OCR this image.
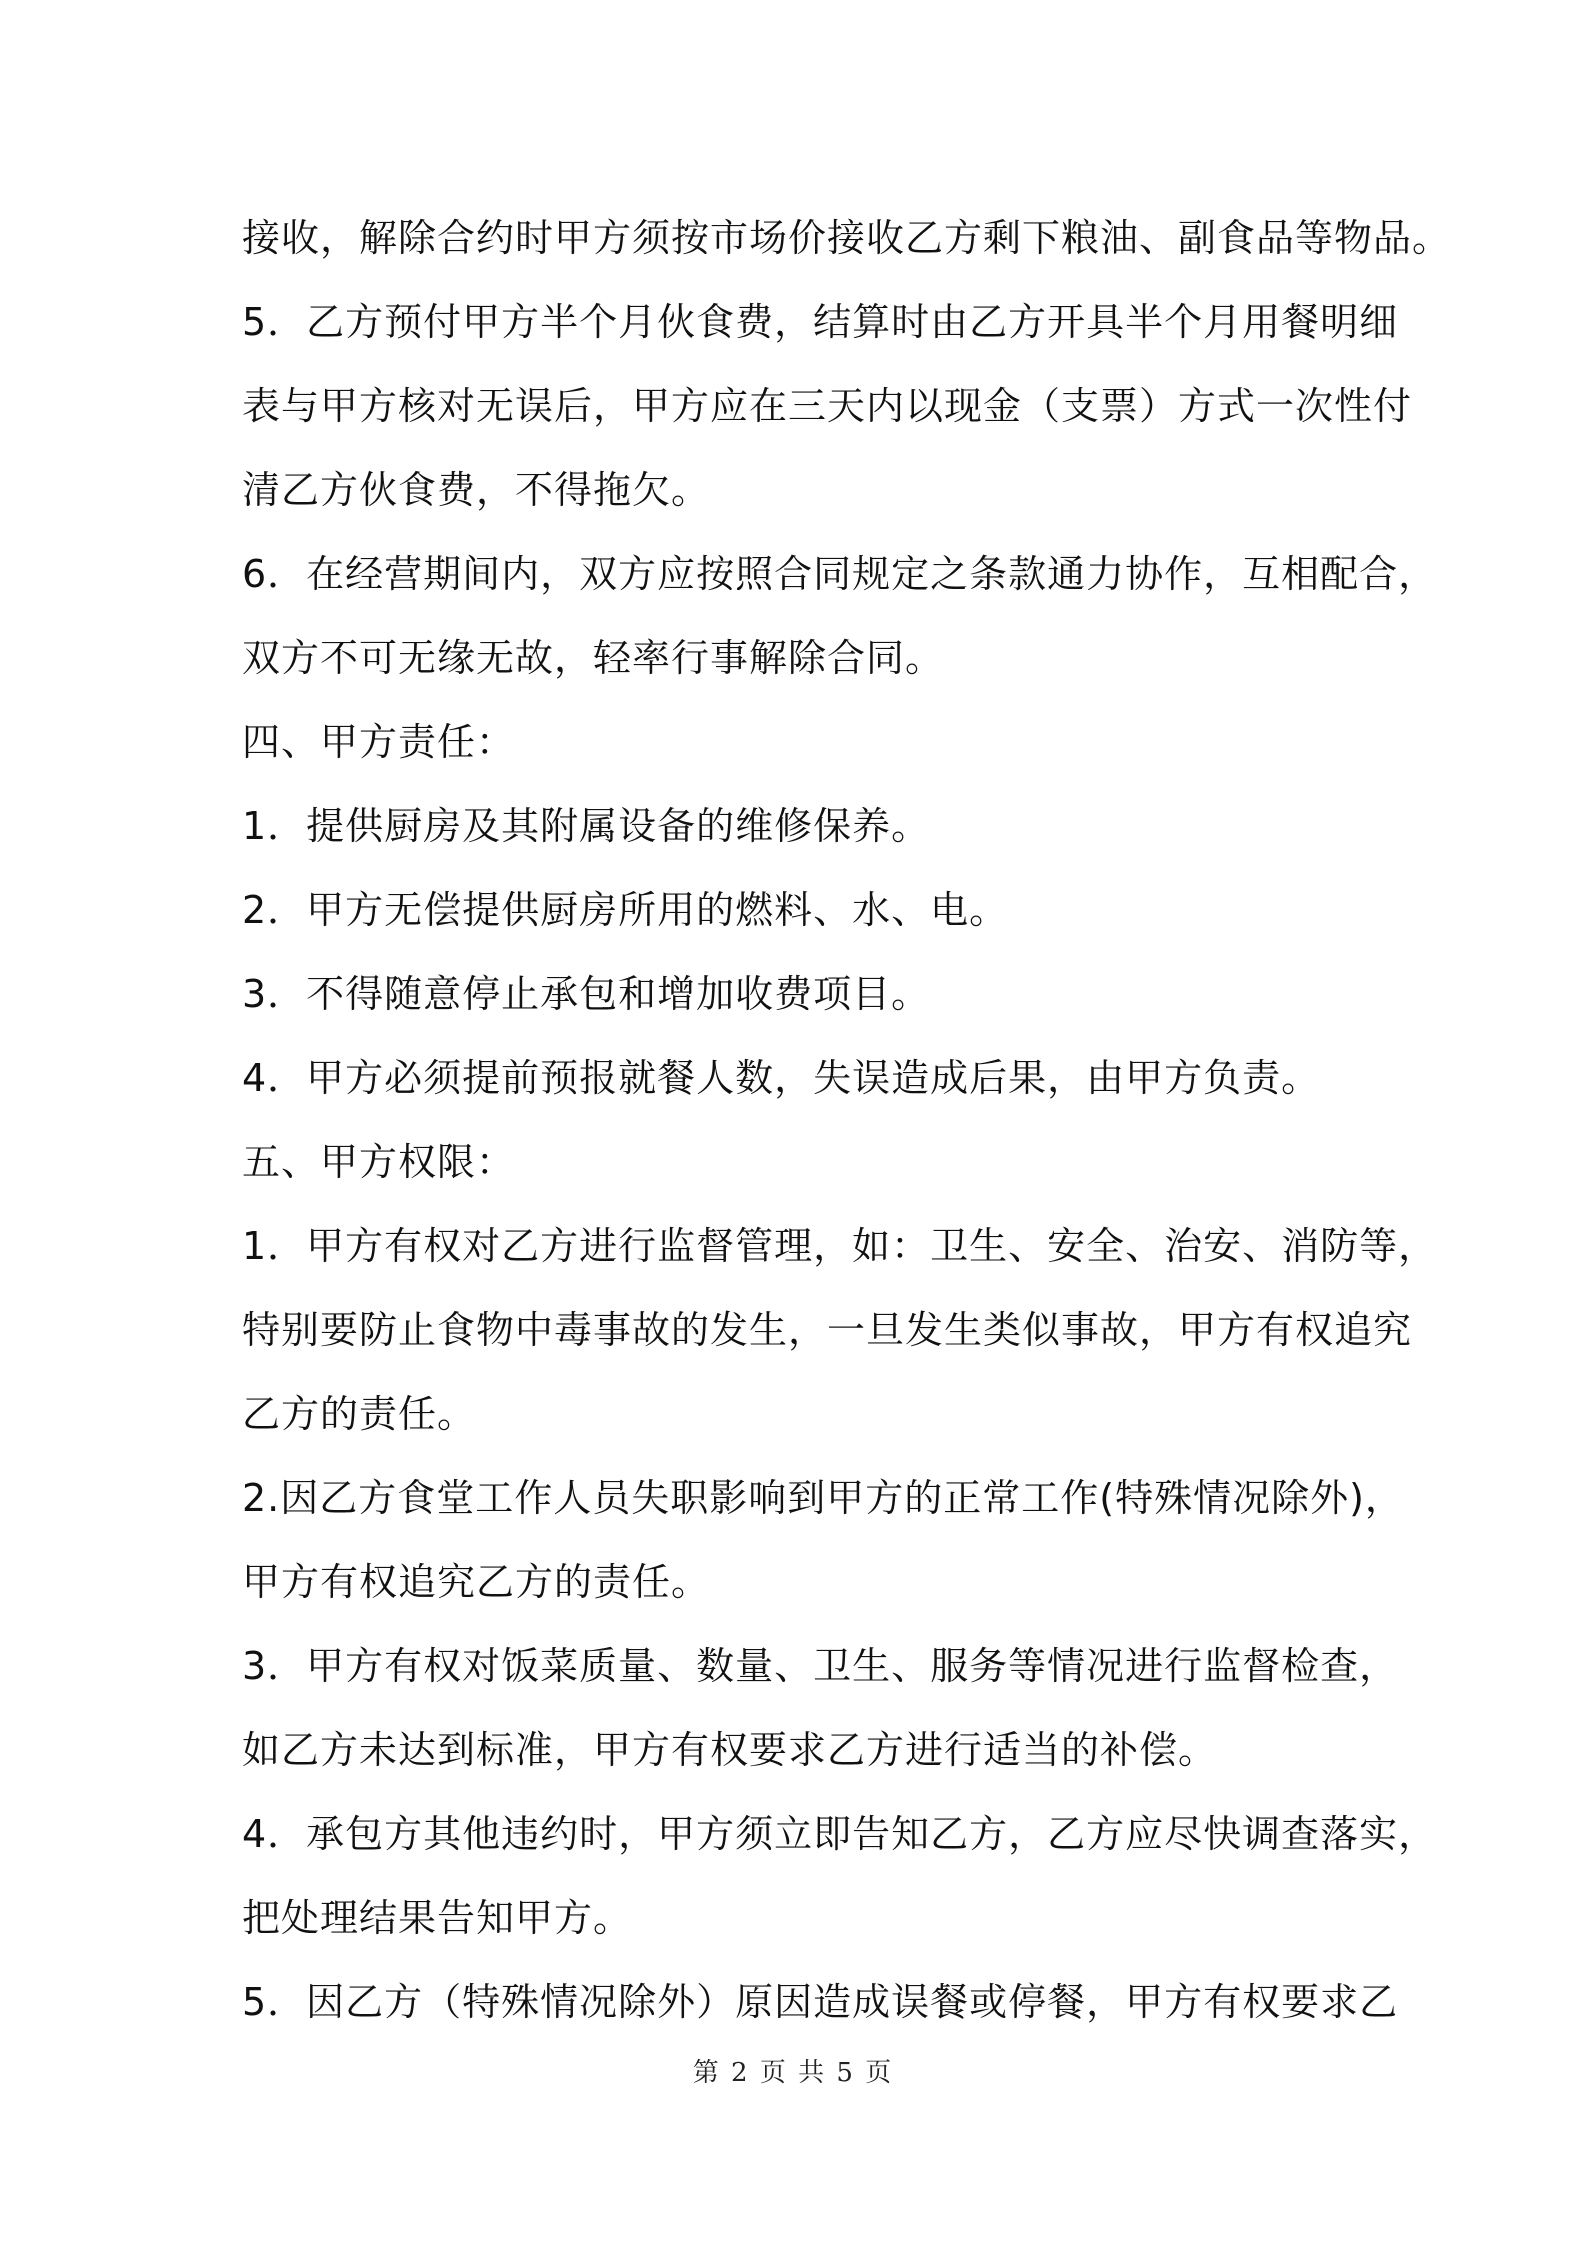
接收，解除合约时甲方须按市场价接收乙方剩下粮油、副食品等物品。
5．乙方预付甲方半个月伙食费，结算时由乙方开具半个月用餐明细
表与甲方核对无误后，甲方应在三天内以现金（支票）方式一次性付
清乙方伙食费，不得拖欠。
6．在经营期间内，双方应按照合同规定之条款通力协作，互相配合，
双方不可无缘无故，轻率行事解除合同。
四、甲方责任：
1．提供厨房及其附属设备的维修保养。
2．甲方无偿提供厨房所用的燃料、水、电。
3．不得随意停止承包和增加收费项目。
4．甲方必须提前预报就餐人数，失误造成后果，由甲方负责。
五、甲方权限：
1．甲方有权对乙方进行监督管理，如：卫生、安全、治安、消防等，
特别要防止食物中毒事故的发生，一旦发生类似事故，甲方有权追究
乙方的责任。
2.因乙方食堂工作人员失职影响到甲方的正常工作(特殊情况除外)，
甲方有权追究乙方的责任。
3．甲方有权对饭菜质量、数量、卫生、服务等情况进行监督检查，
如乙方未达到标准，甲方有权要求乙方进行适当的补偿。
4．承包方其他违约时，甲方须立即告知乙方，乙方应尽快调查落实，
把处理结果告知甲方。
5．因乙方（特殊情况除外）原因造成误餐或停餐，甲方有权要求乙
第 2 页 共 5 页
